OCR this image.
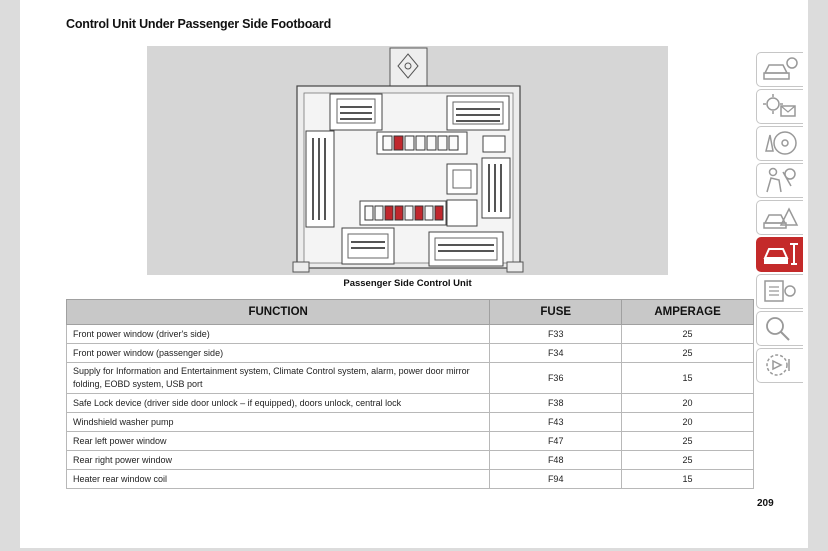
Control Unit Under Passenger Side Footboard
Passenger Side Control Unit
FUNCTION	FUSE	AMPERAGE
Front power window (driver's side)	F33	25
Front power window (passenger side)	F34	25
Supply for Information and Entertainment system, Climate Control system, alarm, power door mirror folding, EOBD system, USB port	F36	15
Safe Lock device (driver side door unlock – if equipped), doors unlock, central lock	F38	20
Windshield washer pump	F43	20
Rear left power window	F47	25
Rear right power window	F48	25
Heater rear window coil	F94	15
209
